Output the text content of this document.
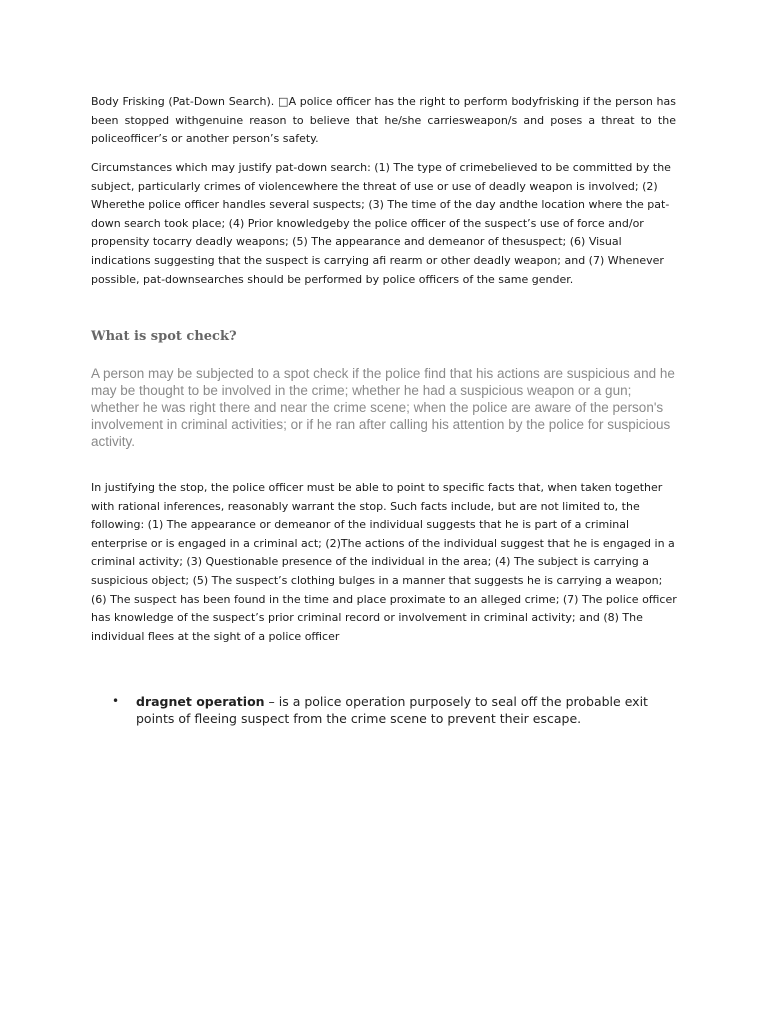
Body Frisking (Pat-Down Search). □A police officer has the right to perform bodyfrisking if the person has been stopped withgenuine reason to believe that he/she carriesweapon/s and poses a threat to the policeofficer’s or another person’s safety.

Circumstances which may justify pat-down search: (1) The type of crimebelieved to be committed by the subject, particularly crimes of violencewhere the threat of use or use of deadly weapon is involved; (2) Wherethe police officer handles several suspects; (3) The time of the day andthe location where the pat-down search took place; (4) Prior knowledgeby the police officer of the suspect’s use of force and/or propensity tocarry deadly weapons; (5) The appearance and demeanor of thesuspect; (6) Visual indications suggesting that the suspect is carrying afi rearm or other deadly weapon; and (7) Whenever possible, pat-downsearches should be performed by police officers of the same gender.

What is spot check?

A person may be subjected to a spot check if the police find that his actions are suspicious and he may be thought to be involved in the crime; whether he had a suspicious weapon or a gun; whether he was right there and near the crime scene; when the police are aware of the person's involvement in criminal activities; or if he ran after calling his attention by the police for suspicious activity.

In justifying the stop, the police officer must be able to point to specific facts that, when taken together with rational inferences, reasonably warrant the stop. Such facts include, but are not limited to, the following: (1) The appearance or demeanor of the individual suggests that he is part of a criminal enterprise or is engaged in a criminal act; (2)The actions of the individual suggest that he is engaged in a criminal activity; (3) Questionable presence of the individual in the area; (4) The subject is carrying a suspicious object; (5) The suspect’s clothing bulges in a manner that suggests he is carrying a weapon; (6) The suspect has been found in the time and place proximate to an alleged crime; (7) The police officer has knowledge of the suspect’s prior criminal record or involvement in criminal activity; and (8) The individual flees at the sight of a police officer

• dragnet operation – is a police operation purposely to seal off the probable exit points of fleeing suspect from the crime scene to prevent their escape.
